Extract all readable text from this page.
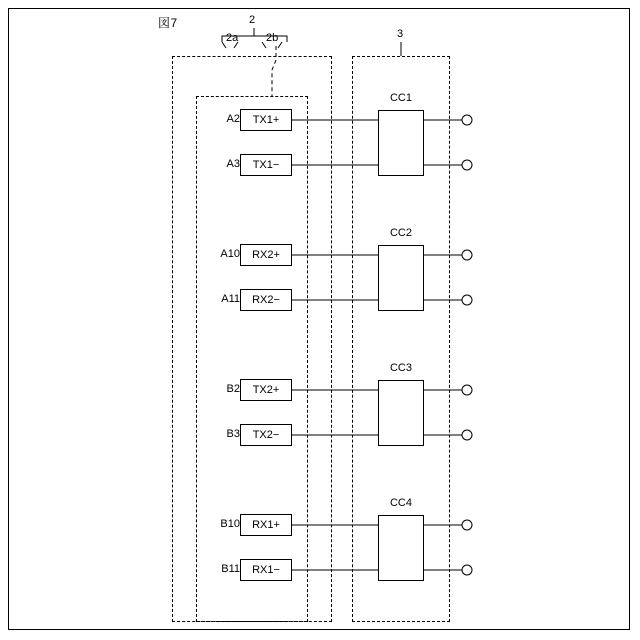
図7	2
2a	2b	3
A2
A3
A10
A11
B2
B3
B10
B11
TX1+
TX1−
RX2+
RX2−
TX2+
TX2−
RX1+
RX1−
CC1
CC2
CC3
CC4
